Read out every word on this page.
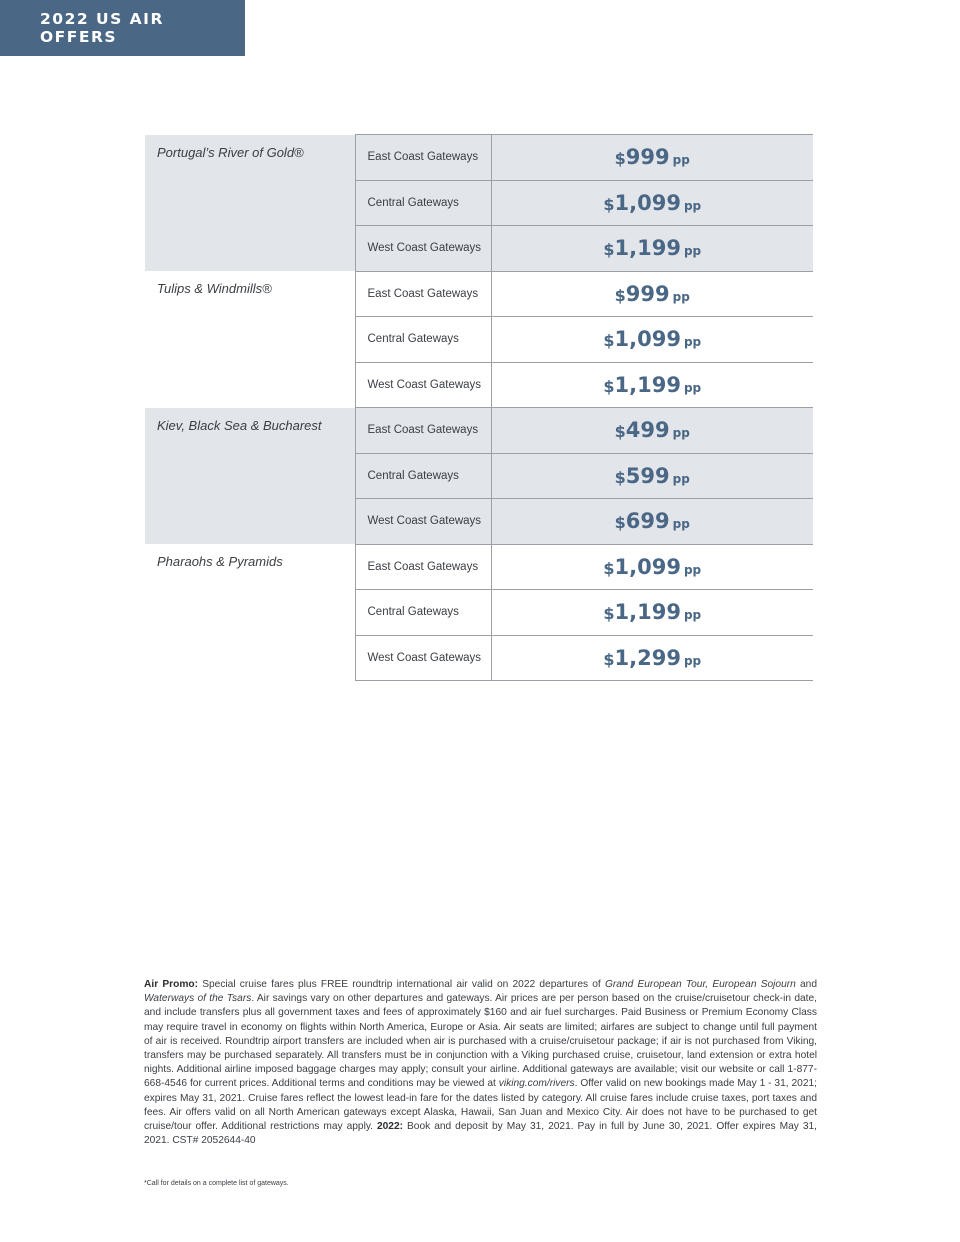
2022 US AIR OFFERS
Portugal’s River of Gold®	East Coast Gateways	$999 pp
	Central Gateways	$1,099 pp
	West Coast Gateways	$1,199 pp
Tulips & Windmills®	East Coast Gateways	$999 pp
	Central Gateways	$1,099 pp
	West Coast Gateways	$1,199 pp
Kiev, Black Sea & Bucharest	East Coast Gateways	$499 pp
	Central Gateways	$599 pp
	West Coast Gateways	$699 pp
Pharaohs & Pyramids	East Coast Gateways	$1,099 pp
	Central Gateways	$1,199 pp
	West Coast Gateways	$1,299 pp
Air Promo: Special cruise fares plus FREE roundtrip international air valid on 2022 departures of Grand European Tour, European Sojourn and Waterways of the Tsars. Air savings vary on other departures and gateways. Air prices are per person based on the cruise/cruisetour check-in date, and include transfers plus all government taxes and fees of approximately $160 and air fuel surcharges. Paid Business or Premium Economy Class may require travel in economy on flights within North America, Europe or Asia. Air seats are limited; airfares are subject to change until full payment of air is received. Roundtrip airport transfers are included when air is purchased with a cruise/cruisetour package; if air is not purchased from Viking, transfers may be purchased separately. All transfers must be in conjunction with a Viking purchased cruise, cruisetour, land extension or extra hotel nights. Additional airline imposed baggage charges may apply; consult your airline. Additional gateways are available; visit our website or call 1-877-668-4546 for current prices. Additional terms and conditions may be viewed at viking.com/rivers. Offer valid on new bookings made May 1 - 31, 2021; expires May 31, 2021. Cruise fares reflect the lowest lead-in fare for the dates listed by category. All cruise fares include cruise taxes, port taxes and fees. Air offers valid on all North American gateways except Alaska, Hawaii, San Juan and Mexico City. Air does not have to be purchased to get cruise/tour offer. Additional restrictions may apply. 2022: Book and deposit by May 31, 2021. Pay in full by June 30, 2021. Offer expires May 31, 2021. CST# 2052644-40
*Call for details on a complete list of gateways.
